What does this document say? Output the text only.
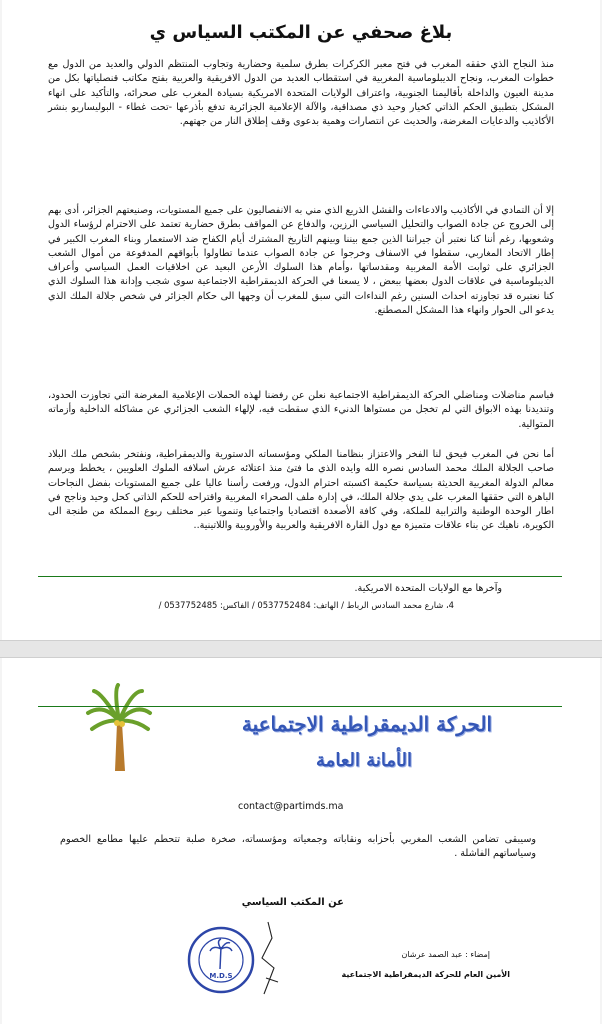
بلاغ صحفي عن المكتب السياس ي

منذ النجاح الذي حققه المغرب في فتح معبر الكركرات بطرق سلمية وحضارية وتجاوب المنتظم الدولي والعديد من الدول مع خطوات المغرب، ونجاح الديبلوماسية المغربية في استقطاب العديد من الدول الافريقية والعربية بفتح مكاتب قنصلياتها بكل من مدينة العيون والداخلة بأقاليمنا الجنوبية، واعتراف الولايات المتحدة الامريكية بسيادة المغرب على صحرائه، والتأكيد على انهاء المشكل بتطبيق الحكم الذاتي كخيار وحيد ذي مصداقية، والآلة الإعلامية الجزائرية تدفع بأذرعها -تحت غطاء - البوليساريو بنشر الأكاذيب والدعايات المغرضة، والحديث عن انتصارات وهمية بدعوى وقف إطلاق النار من جهتهم.

إلا أن التمادي في الأكاذيب والادعاءات والفشل الذريع الذي مني به الانفصاليون على جميع المستويات، وصنيعتهم الجزائر، أدى بهم إلى الخروج عن جادة الصواب والتحليل السياسي الرزين، والدفاع عن المواقف بطرق حضارية تعتمد على الاحترام لرؤساء الدول وشعوبها، رغم أننا كنا نعتبر أن جيراننا الذين جمع بيننا وبينهم التاريخ المشترك أيام الكفاح ضد الاستعمار وبناء المغرب الكبير في إطار الاتحاد المغاربي، سقطوا في الاسفاف وخرجوا عن جادة الصواب عندما تطاولوا بأبواقهم المدفوعة من أموال الشعب الجزائري على ثوابت الأمة المغربية ومقدساتها ،وأمام هذا السلوك الأرعن البعيد عن اخلاقيات العمل السياسي وأعراف الديبلوماسية في علاقات الدول بعضها ببعض ، لا يسعنا في الحركة الديمقراطية الاجتماعية سوى شجب وإدانة هذا السلوك الذي كنا نعتبره قد تجاوزته احداث السنين رغم النداءات التي سبق للمغرب أن وجهها الى حكام الجزائر في شخص جلالة الملك الذي يدعو الى الحوار وانهاء هذا المشكل المصطنع.

فباسم مناضلات ومناضلي الحركة الديمقراطية الاجتماعية نعلن عن رفضنا لهذه الحملات الإعلامية المغرضة التي تجاوزت الحدود، وتنديدنا بهذه الابواق التي لم تخجل من مستواها الدنيء الذي سقطت فيه، لإلهاء الشعب الجزائري عن مشاكله الداخلية وأزماته المتوالية.

أما نحن في المغرب فيحق لنا الفخر والاعتزاز بنظامنا الملكي ومؤسساته الدستورية والديمقراطية، ونفتخر بشخص ملك البلاد صاحب الجلالة الملك محمد السادس نصره الله وايده الذي ما فتئ منذ اعتلائه عرش اسلافه الملوك العلويين ، يخطط ويرسم معالم الدولة المغربية الحديثة بسياسة حكيمة اكسبته احترام الدول، ورفعت رأسنا عاليا على جميع المستويات بفضل النجاحات الباهرة التي حققها المغرب على يدي جلالة الملك، في إدارة ملف الصحراء المغربية واقتراحه للحكم الذاتي كحل وحيد وناجح في اطار الوحدة الوطنية والترابية للملكة، وفي كافة الأصعدة اقتصاديا واجتماعيا وتنمويا عبر مختلف ربوع المملكة من طنجة الى الكويرة، ناهيك عن بناء علاقات متميزة مع دول القارة الافريقية والعربية والأوروبية واللاتينية..

وآخرها مع الولايات المتحدة الامريكية.

4، شارع محمد السادس الرباط / الهاتف: 0537752484 / الفاكس: 0537752485 /
الحركة الديمقراطية الاجتماعية
الأمانة العامة
contact@partimds.ma

وسيبقى تضامن الشعب المغربي بأحزابه ونقاباته وجمعياته ومؤسساته، صخرة صلبة تتحطم عليها مطامع الخصوم وسياساتهم الفاشلة .

عن المكتب السياسي
M.D.S
إمضاء : عبد الصمد عرشان
الأمين العام للحركة الديمقراطية الاجتماعية
